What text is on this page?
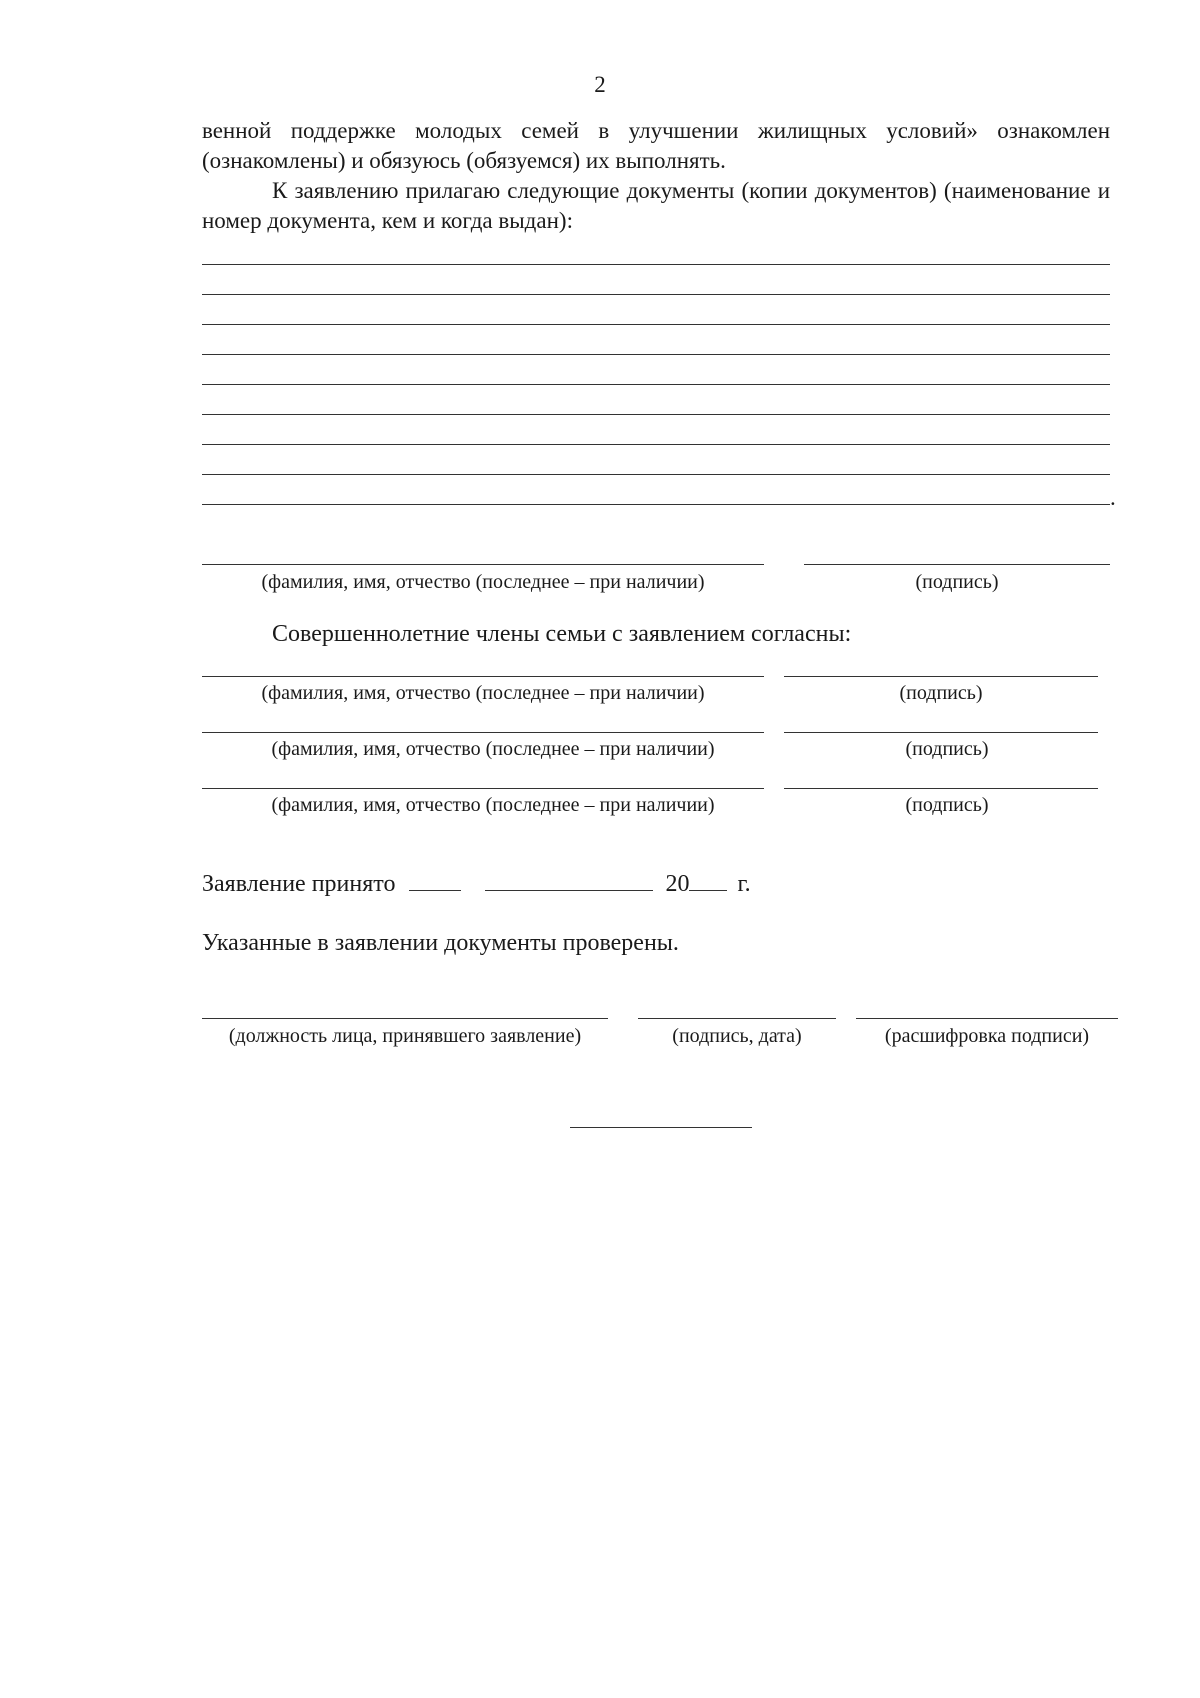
2

венной поддержке молодых семей в улучшении жилищных условий» ознакомлен (ознакомлены) и обязуюсь (обязуемся) их выполнять.

К заявлению прилагаю следующие документы (копии документов) (наименование и номер документа, кем и когда выдан):

.
(фамилия, имя, отчество (последнее – при наличии)	(подпись)

Совершеннолетние члены семьи с заявлением согласны:

(фамилия, имя, отчество (последнее – при наличии)	(подпись)
(фамилия, имя, отчество (последнее – при наличии)	(подпись)
(фамилия, имя, отчество (последнее – при наличии)	(подпись)

Заявление принято	20 г.

Указанные в заявлении документы проверены.

(должность лица, принявшего заявление)	(подпись, дата)	(расшифровка подписи)
